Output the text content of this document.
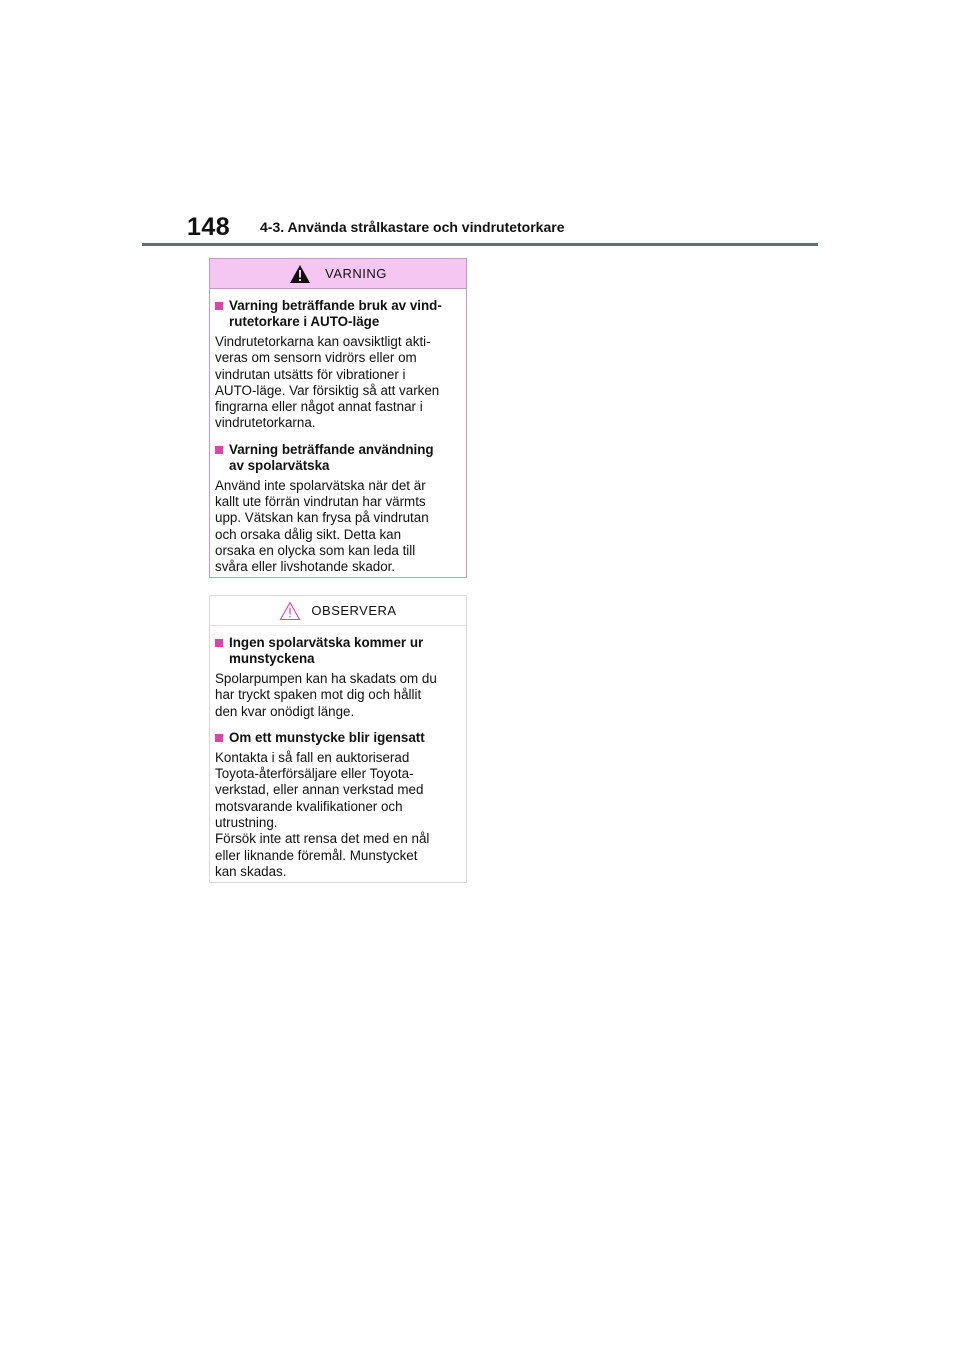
148 4-3. Använda strålkastare och vindrutetorkare
VARNING
Varning beträffande bruk av vind-
rutetorkare i AUTO-läge
Vindrutetorkarna kan oavsiktligt akti-
veras om sensorn vidrörs eller om
vindrutan utsätts för vibrationer i
AUTO-läge. Var försiktig så att varken
fingrarna eller något annat fastnar i
vindrutetorkarna.
Varning beträffande användning
av spolarvätska
Använd inte spolarvätska när det är
kallt ute förrän vindrutan har värmts
upp. Vätskan kan frysa på vindrutan
och orsaka dålig sikt. Detta kan
orsaka en olycka som kan leda till
svåra eller livshotande skador.
OBSERVERA
Ingen spolarvätska kommer ur
munstyckena
Spolarpumpen kan ha skadats om du
har tryckt spaken mot dig och hållit
den kvar onödigt länge.
Om ett munstycke blir igensatt
Kontakta i så fall en auktoriserad
Toyota-återförsäljare eller Toyota-
verkstad, eller annan verkstad med
motsvarande kvalifikationer och
utrustning.
Försök inte att rensa det med en nål
eller liknande föremål. Munstycket
kan skadas.
